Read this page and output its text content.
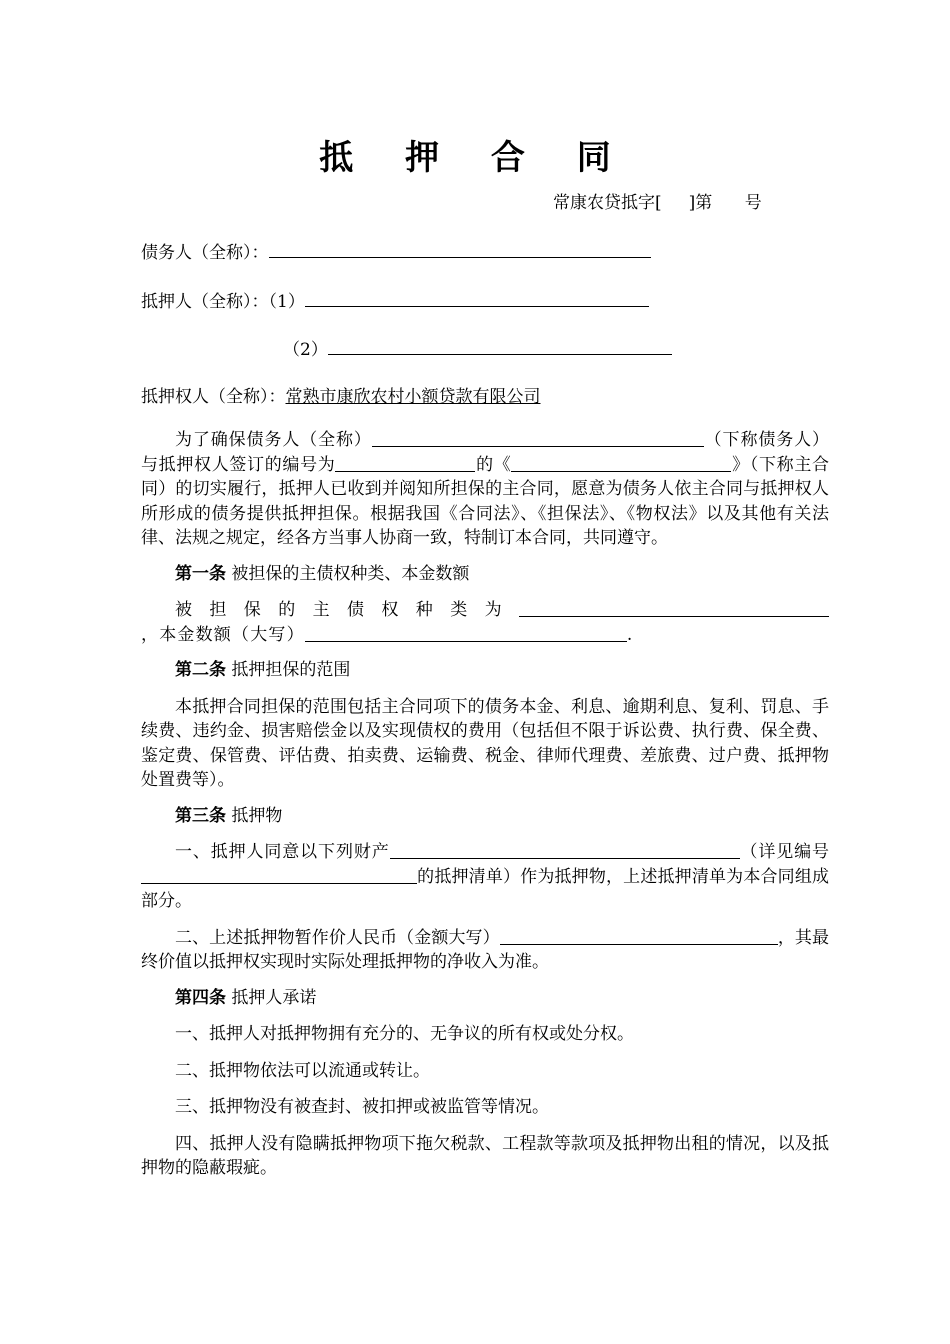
抵 押 合 同
常康农贷抵字[     ]第      号
债务人（全称）：
抵押人（全称）：（1）
（2）
抵押权人（全称）：常熟市康欣农村小额贷款有限公司

为了确保债务人（全称）	（下称债务人）与抵押权人签订的编号为	的《	》（下称主合同）的切实履行，抵押人已收到并阅知所担保的主合同，愿意为债务人依主合同与抵押权人所形成的债务提供抵押担保。根据我国《合同法》、《担保法》、《物权法》以及其他有关法律、法规之规定，经各方当事人协商一致，特制订本合同，共同遵守。

第一条 被担保的主债权种类、本金数额

被担保的主债权种类为，本金数额（大写）	.

第二条 抵押担保的范围

本抵押合同担保的范围包括主合同项下的债务本金、利息、逾期利息、复利、罚息、手续费、违约金、损害赔偿金以及实现债权的费用（包括但不限于诉讼费、执行费、保全费、鉴定费、保管费、评估费、拍卖费、运输费、税金、律师代理费、差旅费、过户费、抵押物处置费等）。

第三条 抵押物

一、抵押人同意以下列财产	（详见编号的抵押清单）作为抵押物，上述抵押清单为本合同组成部分。

二、上述抵押物暂作价人民币（金额大写）	，其最终价值以抵押权实现时实际处理抵押物的净收入为准。

第四条 抵押人承诺

一、抵押人对抵押物拥有充分的、无争议的所有权或处分权。

二、抵押物依法可以流通或转让。

三、抵押物没有被查封、被扣押或被监管等情况。

四、抵押人没有隐瞒抵押物项下拖欠税款、工程款等款项及抵押物出租的情况，以及抵押物的隐蔽瑕疵。
